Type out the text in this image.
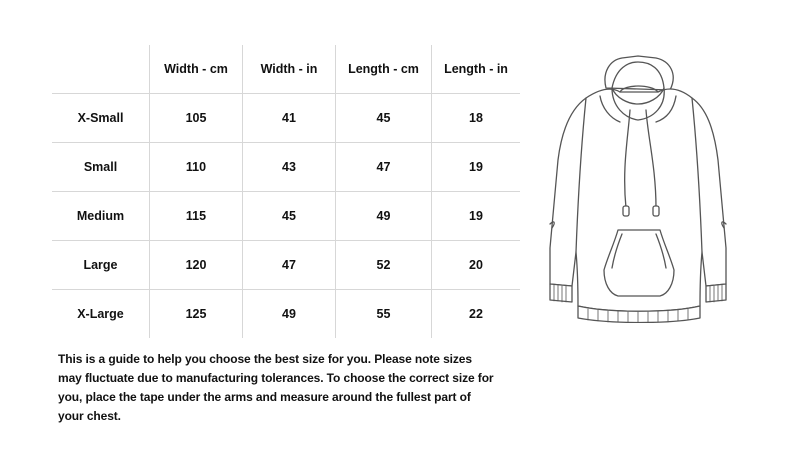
	Width - cm	Width - in	Length - cm	Length - in
X-Small	105	41	45	18
Small	110	43	47	19
Medium	115	45	49	19
Large	120	47	52	20
X-Large	125	49	55	22

This is a guide to help you choose the best size for you. Please note sizes may fluctuate due to manufacturing tolerances. To choose the correct size for you, place the tape under the arms and measure around the fullest part of your chest.
